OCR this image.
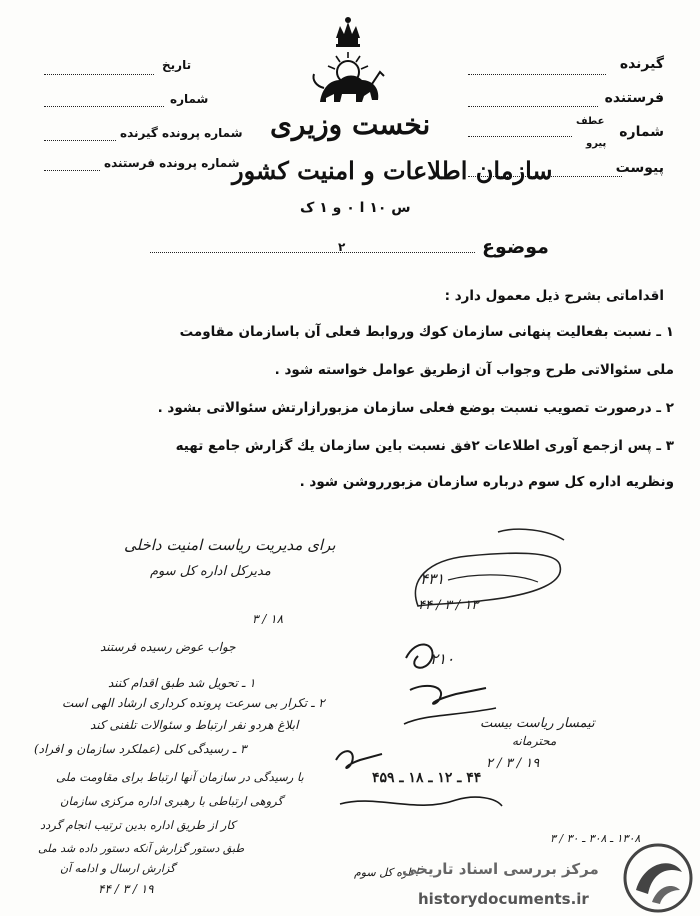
گیرنده
فرستنده
شماره
عطف
پیرو
پیوست
تاریخ
شماره
شماره پرونده گیرنده
شماره پرونده فرستنده
نخست وزیری
سازمان اطلاعات و امنیت کشور
س ۱۰ ا ۰ و ۱ ک
۲	موضوع
اقداماتی بشرح ذیل معمول دارد :
۱ ـ نسبت بفعالیت پنهانی سازمان کوك وروابط فعلی آن باسازمان مقاومت
ملی سئوالاتی طرح وجواب آن ازطریق عوامل خواسته شود .
۲ ـ درصورت تصویب نسبت بوضع فعلی سازمان مزبورازارتش سئوالاتی بشود .
۳ ـ پس ازجمع آوری اطلاعات ۲فق نسبت باین سازمان یك گزارش جامع تهیه
ونظریه اداره کل سوم درباره سازمان مزبورروشن شود .
برای مدیریت ریاست امنیت داخلی
مدیرکل اداره کل سوم
۱۸ / ۳
۴۳۱
۱۳ / ۳ / ۴۴
۲۱۰
تیمسار ریاست بیست
محترمانه
۱۹ / ۳ / ۲
۴۴ ـ ۱۲ ـ ۱۸ ـ ۴۵۹
جواب عوض رسیده فرستند
۱ ـ تحویل شد طبق اقدام کنند
۲ ـ تکرار بی سرعت پرونده کرداری ارشاد الهی است
ابلاغ هردو نفر ارتباط و سئوالات تلفنی کند
۳ ـ رسیدگی کلی (عملکرد سازمان و افراد)
با رسیدگی در سازمان آنها ارتباط برای مقاومت ملی
گروهی ارتباطی با رهبری اداره مرکزی سازمان
کار از طریق اداره بدین ترتیب انجام گردد
طبق دستور گزارش آنکه دستور داده شد ملی
گزارش ارسال و ادامه آن
۱۹ / ۳ / ۴۴
۱۳۰۸ ـ ۳۰۸ ـ ۳۰ / ۳
اداره کل سوم
مرکز بررسی اسناد تاریخی
historydocuments.ir
